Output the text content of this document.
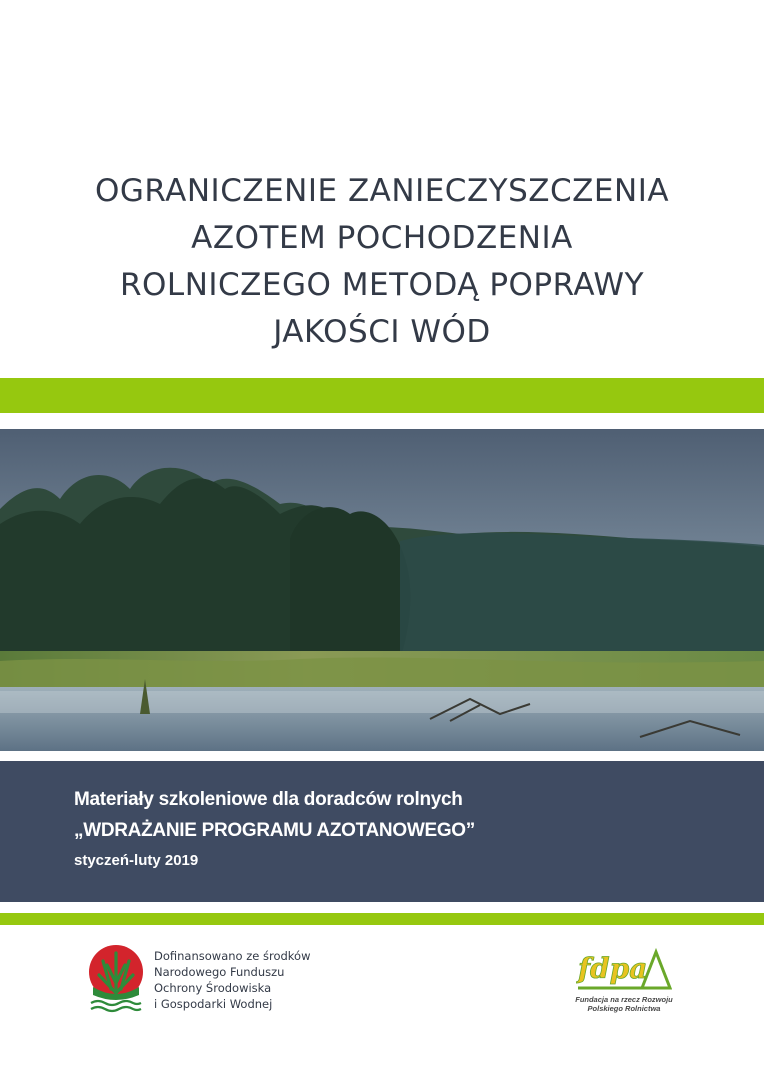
OGRANICZENIE ZANIECZYSZCZENIA
AZOTEM POCHODZENIA
ROLNICZEGO METODĄ POPRAWY
JAKOŚCI WÓD
Materiały szkoleniowe dla doradców rolnych
„WDRAŻANIE PROGRAMU AZOTANOWEGO”
styczeń-luty 2019
Dofinansowano ze środków
Narodowego Funduszu
Ochrony Środowiska
i Gospodarki Wodnej
fdpa
Fundacja na rzecz Rozwoju
Polskiego Rolnictwa
